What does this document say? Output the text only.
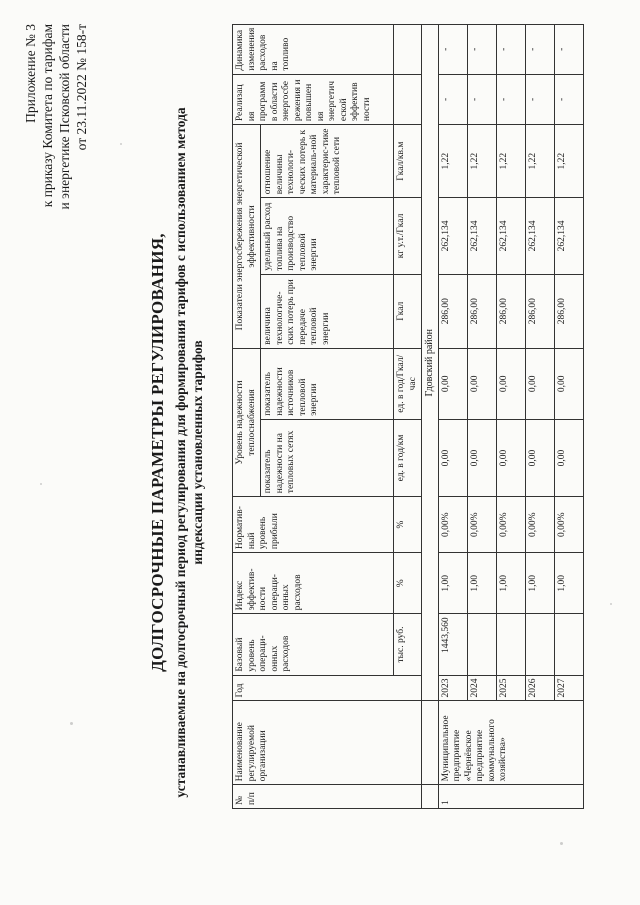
Приложение № 3 к приказу Комитета по тарифам и энергетике Псковской области от 23.11.2022 № 158-т
ДОЛГОСРОЧНЫЕ ПАРАМЕТРЫ РЕГУЛИРОВАНИЯ, устанавливаемые на долгосрочный период регулирования для формирования тарифов с использованием метода индексации установленных тарифов
№ п/п	Наименование регулируемой организации	Год	Базовый уровень операци-онных расходов	Индекс эффектив-ности операци-онных расходов	Норматив-ный уровень прибыли	Уровень надежности теплоснабжения		Показатели энергосбережения энергетической эффективности			Реализац ия программ в области энергосбе режения и повышен ия энергетич еской эффектив ности	Динамика изменения расходов на топливо
						показатель надежности на тепловых сетях	показатель надежности источников тепловой энергии	величина технологиче-ских потерь при передаче тепловой энергии	удельный расход топлива на производство тепловой энергии	отношение величины технологи-ческих потерь к материаль-ной характерис-тике тепловой сети		
			тыс. руб.	%	%	ед. в год/км	ед. в год/Гкал/час	Гкал	кг у.т./Гкал	Гкал/кв.м		
		Гдовский район										
1	Муниципальное предприятие «Чернёвское предприятие коммунального хозяйства»	2023	1443,560	1,00	0,00%	0,00	0,00	286,00	262,134	1,22	-	-
		2024		1,00	0,00%	0,00	0,00	286,00	262,134	1,22	-	-
		2025		1,00	0,00%	0,00	0,00	286,00	262,134	1,22	-	-
		2026		1,00	0,00%	0,00	0,00	286,00	262,134	1,22	-	-
		2027		1,00	0,00%	0,00	0,00	286,00	262,134	1,22	-	-
